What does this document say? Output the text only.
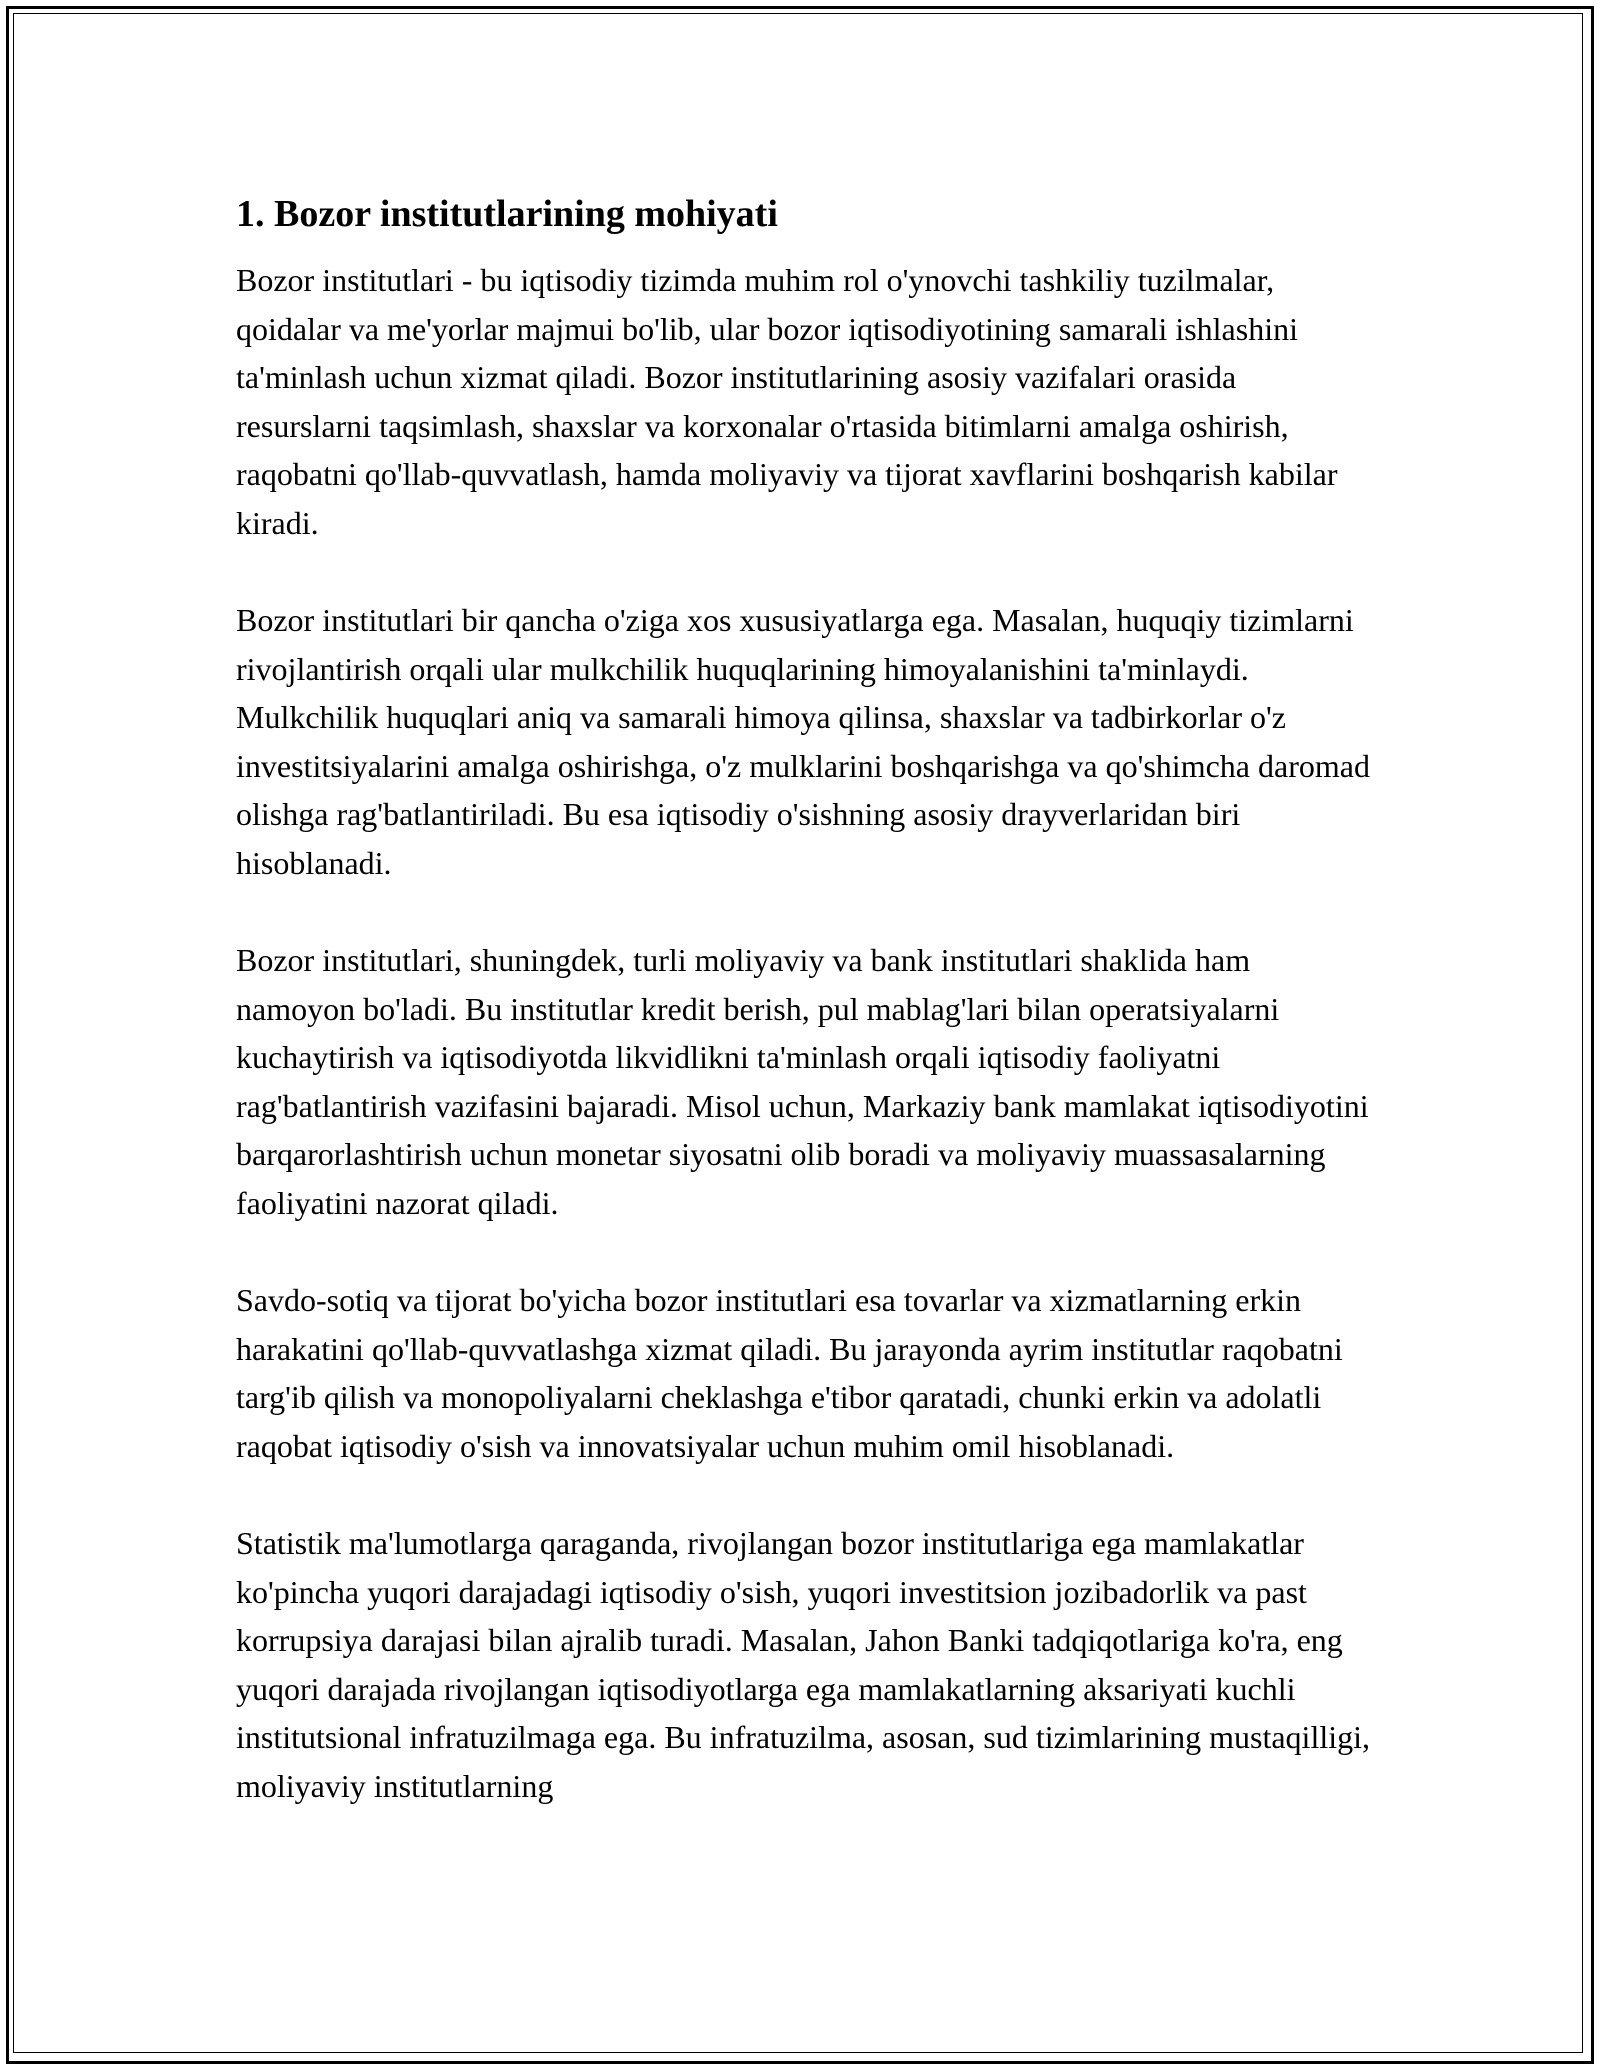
1. Bozor institutlarining mohiyati

Bozor institutlari - bu iqtisodiy tizimda muhim rol o'ynovchi tashkiliy tuzilmalar, qoidalar va me'yorlar majmui bo'lib, ular bozor iqtisodiyotining samarali ishlashini ta'minlash uchun xizmat qiladi. Bozor institutlarining asosiy vazifalari orasida resurslarni taqsimlash, shaxslar va korxonalar o'rtasida bitimlarni amalga oshirish, raqobatni qo'llab-quvvatlash, hamda moliyaviy va tijorat xavflarini boshqarish kabilar kiradi.

Bozor institutlari bir qancha o'ziga xos xususiyatlarga ega. Masalan, huquqiy tizimlarni rivojlantirish orqali ular mulkchilik huquqlarining himoyalanishini ta'minlaydi. Mulkchilik huquqlari aniq va samarali himoya qilinsa, shaxslar va tadbirkorlar o'z investitsiyalarini amalga oshirishga, o'z mulklarini boshqarishga va qo'shimcha daromad olishga rag'batlantiriladi. Bu esa iqtisodiy o'sishning asosiy drayverlaridan biri hisoblanadi.

Bozor institutlari, shuningdek, turli moliyaviy va bank institutlari shaklida ham namoyon bo'ladi. Bu institutlar kredit berish, pul mablag'lari bilan operatsiyalarni kuchaytirish va iqtisodiyotda likvidlikni ta'minlash orqali iqtisodiy faoliyatni rag'batlantirish vazifasini bajaradi. Misol uchun, Markaziy bank mamlakat iqtisodiyotini barqarorlashtirish uchun monetar siyosatni olib boradi va moliyaviy muassasalarning faoliyatini nazorat qiladi.

Savdo-sotiq va tijorat bo'yicha bozor institutlari esa tovarlar va xizmatlarning erkin harakatini qo'llab-quvvatlashga xizmat qiladi. Bu jarayonda ayrim institutlar raqobatni targ'ib qilish va monopoliyalarni cheklashga e'tibor qaratadi, chunki erkin va adolatli raqobat iqtisodiy o'sish va innovatsiyalar uchun muhim omil hisoblanadi.

Statistik ma'lumotlarga qaraganda, rivojlangan bozor institutlariga ega mamlakatlar ko'pincha yuqori darajadagi iqtisodiy o'sish, yuqori investitsion jozibadorlik va past korrupsiya darajasi bilan ajralib turadi. Masalan, Jahon Banki tadqiqotlariga ko'ra, eng yuqori darajada rivojlangan iqtisodiyotlarga ega mamlakatlarning aksariyati kuchli institutsional infratuzilmaga ega. Bu infratuzilma, asosan, sud tizimlarining mustaqilligi, moliyaviy institutlarning
